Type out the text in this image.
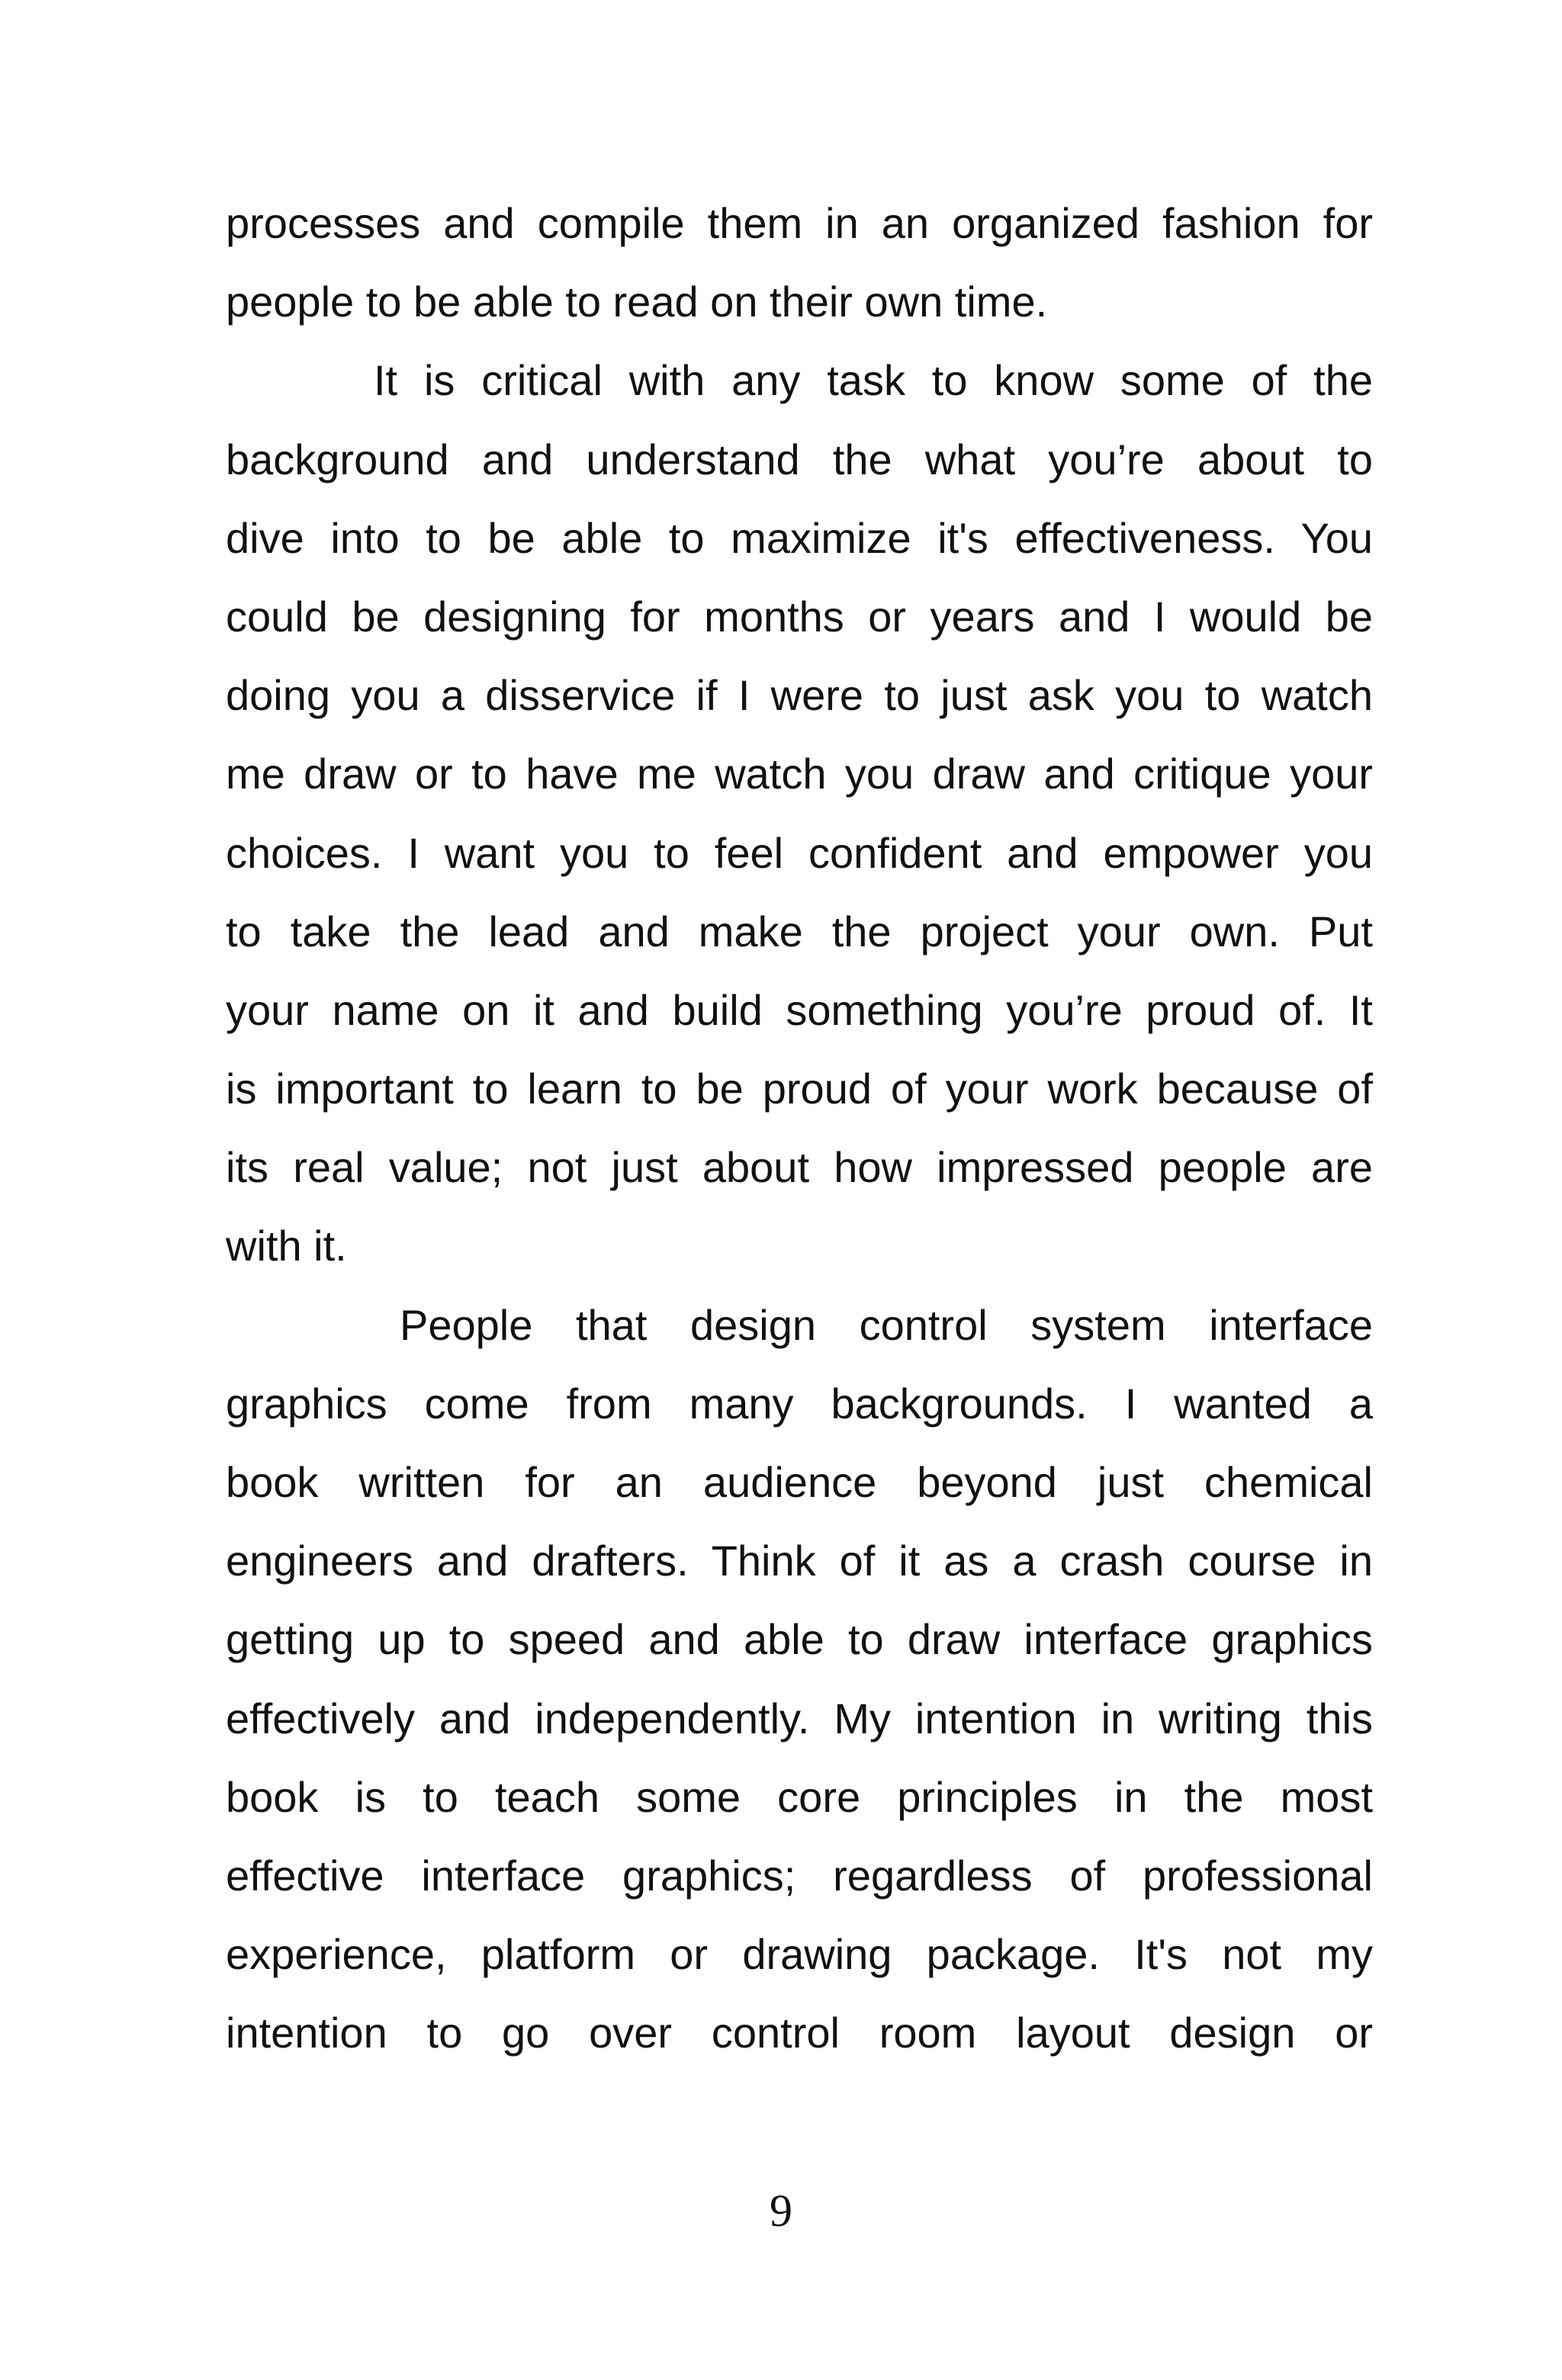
processes and compile them in an organized fashion for
people to be able to read on their own time.
It is critical with any task to know some of the
background and understand the what you’re about to
dive into to be able to maximize it's effectiveness. You
could be designing for months or years and I would be
doing you a disservice if I were to just ask you to watch
me draw or to have me watch you draw and critique your
choices. I want you to feel confident and empower you
to take the lead and make the project your own. Put
your name on it and build something you’re proud of. It
is important to learn to be proud of your work because of
its real value; not just about how impressed people are
with it.
People that design control system interface
graphics come from many backgrounds. I wanted a
book written for an audience beyond just chemical
engineers and drafters. Think of it as a crash course in
getting up to speed and able to draw interface graphics
effectively and independently. My intention in writing this
book is to teach some core principles in the most
effective interface graphics; regardless of professional
experience, platform or drawing package. It's not my
intention to go over control room layout design or
9
